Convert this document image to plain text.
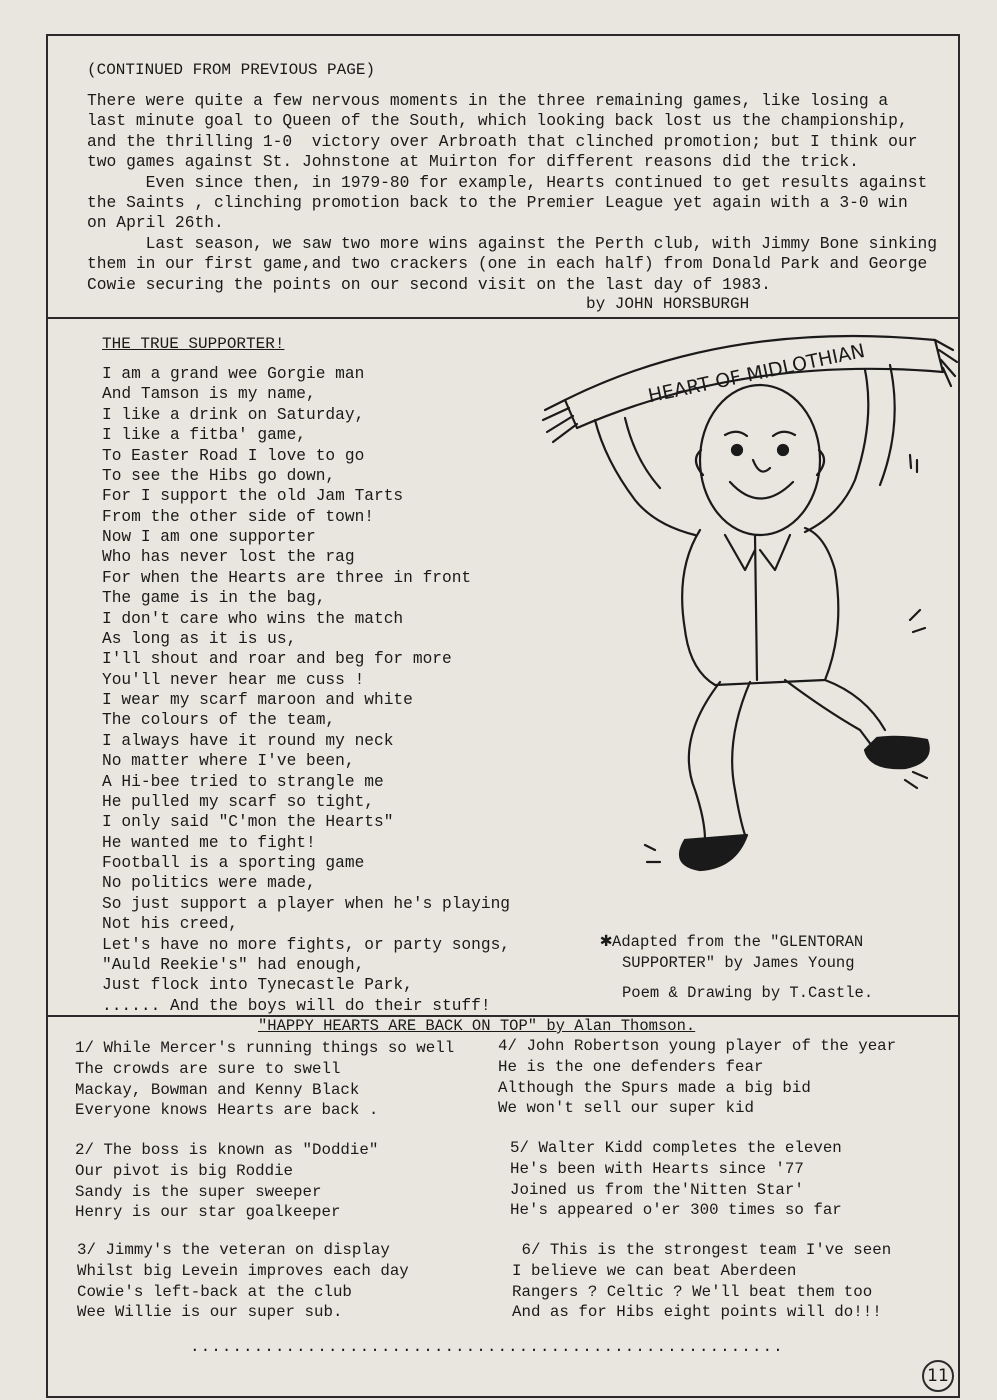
(CONTINUED FROM PREVIOUS PAGE)
There were quite a few nervous moments in the three remaining games, like losing a
last minute goal to Queen of the South, which looking back lost us the championship,
and the thrilling 1-0  victory over Arbroath that clinched promotion; but I think our
two games against St. Johnstone at Muirton for different reasons did the trick.
Even since then, in 1979-80 for example, Hearts continued to get results against
the Saints , clinching promotion back to the Premier League yet again with a 3-0 win
on April 26th.
Last season, we saw two more wins against the Perth club, with Jimmy Bone sinking
them in our first game,and two crackers (one in each half) from Donald Park and George
Cowie securing the points on our second visit on the last day of 1983.
by JOHN HORSBURGH
THE TRUE SUPPORTER!
I am a grand wee Gorgie man
And Tamson is my name,
I like a drink on Saturday,
I like a fitba' game,
To Easter Road I love to go
To see the Hibs go down,
For I support the old Jam Tarts
From the other side of town!
Now I am one supporter
Who has never lost the rag
For when the Hearts are three in front
The game is in the bag,
I don't care who wins the match
As long as it is us,
I'll shout and roar and beg for more
You'll never hear me cuss !
I wear my scarf maroon and white
The colours of the team,
I always have it round my neck
No matter where I've been,
A Hi-bee tried to strangle me
He pulled my scarf so tight,
I only said "C'mon the Hearts"
He wanted me to fight!
Football is a sporting game
No politics were made,
So just support a player when he's playing
Not his creed,
Let's have no more fights, or party songs,
"Auld Reekie's" had enough,
Just flock into Tynecastle Park,
...... And the boys will do their stuff!
HEART OF MIDLOTHIAN

✱Adapted from the "GLENTORAN
SUPPORTER" by James Young
Poem & Drawing by T.Castle.
"HAPPY HEARTS ARE BACK ON TOP" by Alan Thomson.
1/ While Mercer's running things so well
The crowds are sure to swell
Mackay, Bowman and Kenny Black
Everyone knows Hearts are back .
2/ The boss is known as "Doddie"
Our pivot is big Roddie
Sandy is the super sweeper
Henry is our star goalkeeper
3/ Jimmy's the veteran on display
Whilst big Levein improves each day
Cowie's left-back at the club
Wee Willie is our super sub.
4/ John Robertson young player of the year
He is the one defenders fear
Although the Spurs made a big bid
We won't sell our super kid
5/ Walter Kidd completes the eleven
He's been with Hearts since '77
Joined us from the'Nitten Star'
He's appeared o'er 300 times so far
6/ This is the strongest team I've seen
I believe we can beat Aberdeen
Rangers ? Celtic ? We'll beat them too
And as for Hibs eight points will do!!!
........................................................
11
